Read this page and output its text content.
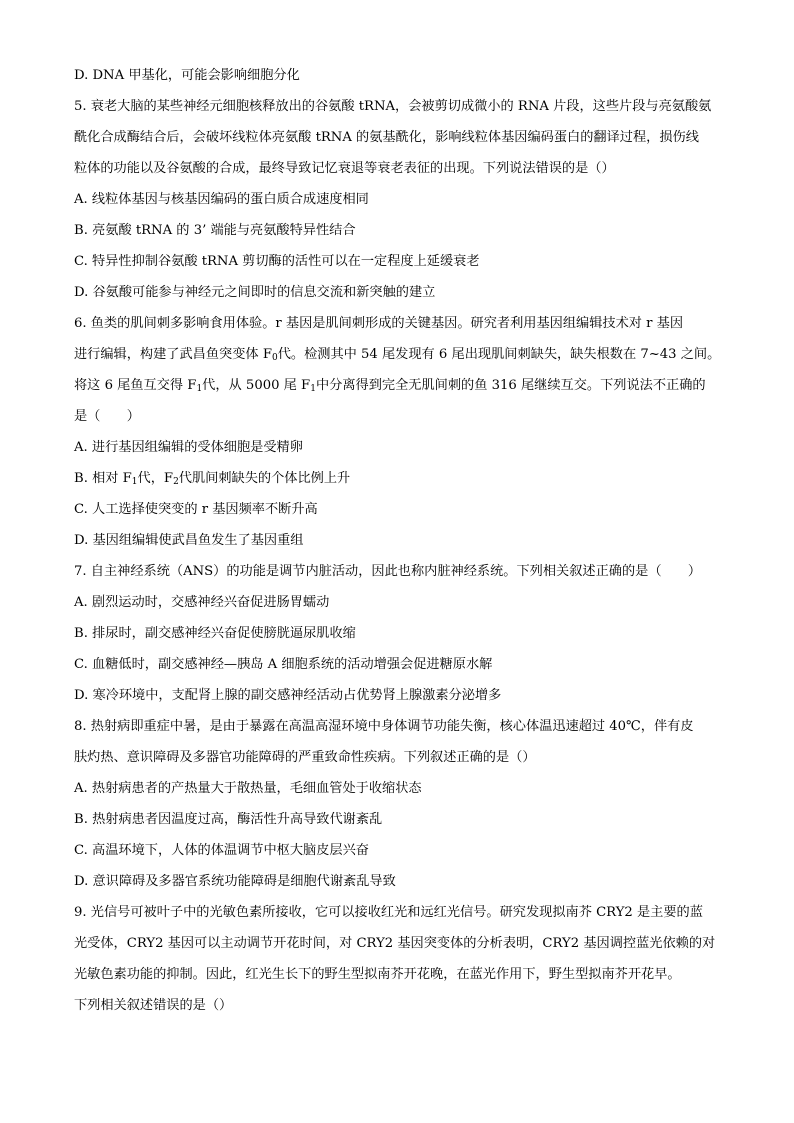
D. DNA 甲基化，可能会影响细胞分化
5. 衰老大脑的某些神经元细胞核释放出的谷氨酸 tRNA，会被剪切成微小的 RNA 片段，这些片段与亮氨酸氨
酰化合成酶结合后，会破坏线粒体亮氨酸 tRNA 的氨基酰化，影响线粒体基因编码蛋白的翻译过程，损伤线
粒体的功能以及谷氨酸的合成，最终导致记忆衰退等衰老表征的出现。下列说法错误的是（）
A. 线粒体基因与核基因编码的蛋白质合成速度相同
B. 亮氨酸 tRNA 的 3’ 端能与亮氨酸特异性结合
C. 特异性抑制谷氨酸 tRNA 剪切酶的活性可以在一定程度上延缓衰老
D. 谷氨酸可能参与神经元之间即时的信息交流和新突触的建立
6. 鱼类的肌间刺多影响食用体验。r 基因是肌间刺形成的关键基因。研究者利用基因组编辑技术对 r 基因
进行编辑，构建了武昌鱼突变体 $F_0$代。检测其中 54 尾发现有 6 尾出现肌间刺缺失，缺失根数在 7~43 之间。
将这 6 尾鱼互交得 $F_1$代，从 5000 尾 $F_1$中分离得到完全无肌间刺的鱼 316 尾继续互交。下列说法不正确的
是（　　）
A. 进行基因组编辑的受体细胞是受精卵
B. 相对 $F_1$代，$F_2$代肌间刺缺失的个体比例上升
C. 人工选择使突变的 r 基因频率不断升高
D. 基因组编辑使武昌鱼发生了基因重组
7. 自主神经系统（ANS）的功能是调节内脏活动，因此也称内脏神经系统。下列相关叙述正确的是（　　）
A. 剧烈运动时，交感神经兴奋促进肠胃蠕动
B. 排尿时，副交感神经兴奋促使膀胱逼尿肌收缩
C. 血糖低时，副交感神经—胰岛 A 细胞系统的活动增强会促进糖原水解
D. 寒冷环境中，支配肾上腺的副交感神经活动占优势肾上腺激素分泌增多
8. 热射病即重症中暑，是由于暴露在高温高湿环境中身体调节功能失衡，核心体温迅速超过 40℃，伴有皮
肤灼热、意识障碍及多器官功能障碍的严重致命性疾病。下列叙述正确的是（）
A. 热射病患者的产热量大于散热量，毛细血管处于收缩状态
B. 热射病患者因温度过高，酶活性升高导致代谢紊乱
C. 高温环境下，人体的体温调节中枢大脑皮层兴奋
D. 意识障碍及多器官系统功能障碍是细胞代谢紊乱导致
9. 光信号可被叶子中的光敏色素所接收，它可以接收红光和远红光信号。研究发现拟南芥 CRY2 是主要的蓝
光受体，CRY2 基因可以主动调节开花时间，对 CRY2 基因突变体的分析表明，CRY2 基因调控蓝光依赖的对
光敏色素功能的抑制。因此，红光生长下的野生型拟南芥开花晚，在蓝光作用下，野生型拟南芥开花早。
下列相关叙述错误的是（）
